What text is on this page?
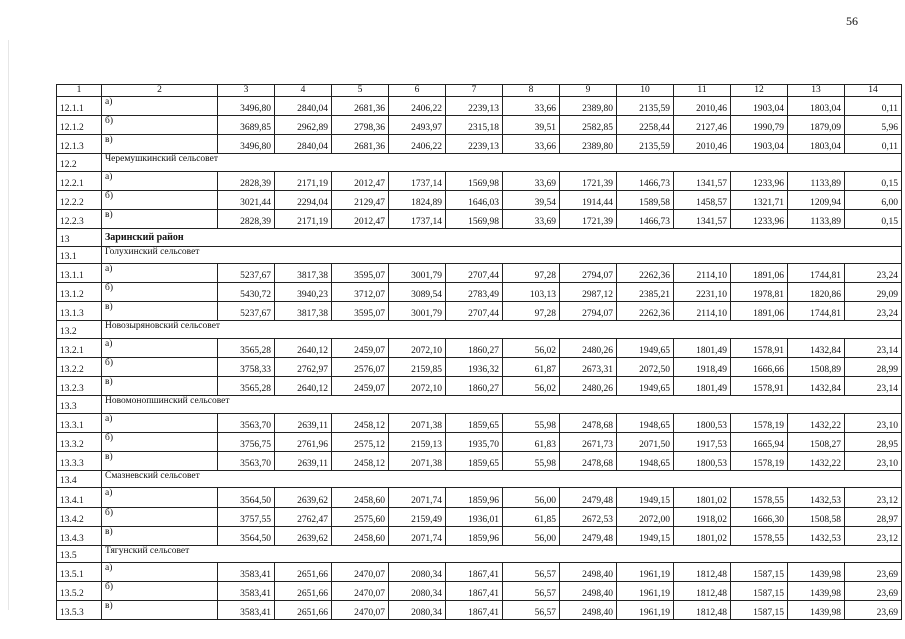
56
1	2	3	4	5	6	7	8	9	10	11	12	13	14
12.1.1	а)	3496,80	2840,04	2681,36	2406,22	2239,13	33,66	2389,80	2135,59	2010,46	1903,04	1803,04	0,11
12.1.2	б)	3689,85	2962,89	2798,36	2493,97	2315,18	39,51	2582,85	2258,44	2127,46	1990,79	1879,09	5,96
12.1.3	в)	3496,80	2840,04	2681,36	2406,22	2239,13	33,66	2389,80	2135,59	2010,46	1903,04	1803,04	0,11
12.2	Черемушкинский сельсовет												
12.2.1	а)	2828,39	2171,19	2012,47	1737,14	1569,98	33,69	1721,39	1466,73	1341,57	1233,96	1133,89	0,15
12.2.2	б)	3021,44	2294,04	2129,47	1824,89	1646,03	39,54	1914,44	1589,58	1458,57	1321,71	1209,94	6,00
12.2.3	в)	2828,39	2171,19	2012,47	1737,14	1569,98	33,69	1721,39	1466,73	1341,57	1233,96	1133,89	0,15
13	Заринский район												
13.1	Голухинский сельсовет												
13.1.1	а)	5237,67	3817,38	3595,07	3001,79	2707,44	97,28	2794,07	2262,36	2114,10	1891,06	1744,81	23,24
13.1.2	б)	5430,72	3940,23	3712,07	3089,54	2783,49	103,13	2987,12	2385,21	2231,10	1978,81	1820,86	29,09
13.1.3	в)	5237,67	3817,38	3595,07	3001,79	2707,44	97,28	2794,07	2262,36	2114,10	1891,06	1744,81	23,24
13.2	Новозыряновский сельсовет												
13.2.1	а)	3565,28	2640,12	2459,07	2072,10	1860,27	56,02	2480,26	1949,65	1801,49	1578,91	1432,84	23,14
13.2.2	б)	3758,33	2762,97	2576,07	2159,85	1936,32	61,87	2673,31	2072,50	1918,49	1666,66	1508,89	28,99
13.2.3	в)	3565,28	2640,12	2459,07	2072,10	1860,27	56,02	2480,26	1949,65	1801,49	1578,91	1432,84	23,14
13.3	Новомонопшинский сельсовет												
13.3.1	а)	3563,70	2639,11	2458,12	2071,38	1859,65	55,98	2478,68	1948,65	1800,53	1578,19	1432,22	23,10
13.3.2	б)	3756,75	2761,96	2575,12	2159,13	1935,70	61,83	2671,73	2071,50	1917,53	1665,94	1508,27	28,95
13.3.3	в)	3563,70	2639,11	2458,12	2071,38	1859,65	55,98	2478,68	1948,65	1800,53	1578,19	1432,22	23,10
13.4	Смазневский сельсовет												
13.4.1	а)	3564,50	2639,62	2458,60	2071,74	1859,96	56,00	2479,48	1949,15	1801,02	1578,55	1432,53	23,12
13.4.2	б)	3757,55	2762,47	2575,60	2159,49	1936,01	61,85	2672,53	2072,00	1918,02	1666,30	1508,58	28,97
13.4.3	в)	3564,50	2639,62	2458,60	2071,74	1859,96	56,00	2479,48	1949,15	1801,02	1578,55	1432,53	23,12
13.5	Тягунский сельсовет												
13.5.1	а)	3583,41	2651,66	2470,07	2080,34	1867,41	56,57	2498,40	1961,19	1812,48	1587,15	1439,98	23,69
13.5.2	б)	3583,41	2651,66	2470,07	2080,34	1867,41	56,57	2498,40	1961,19	1812,48	1587,15	1439,98	23,69
13.5.3	в)	3583,41	2651,66	2470,07	2080,34	1867,41	56,57	2498,40	1961,19	1812,48	1587,15	1439,98	23,69
